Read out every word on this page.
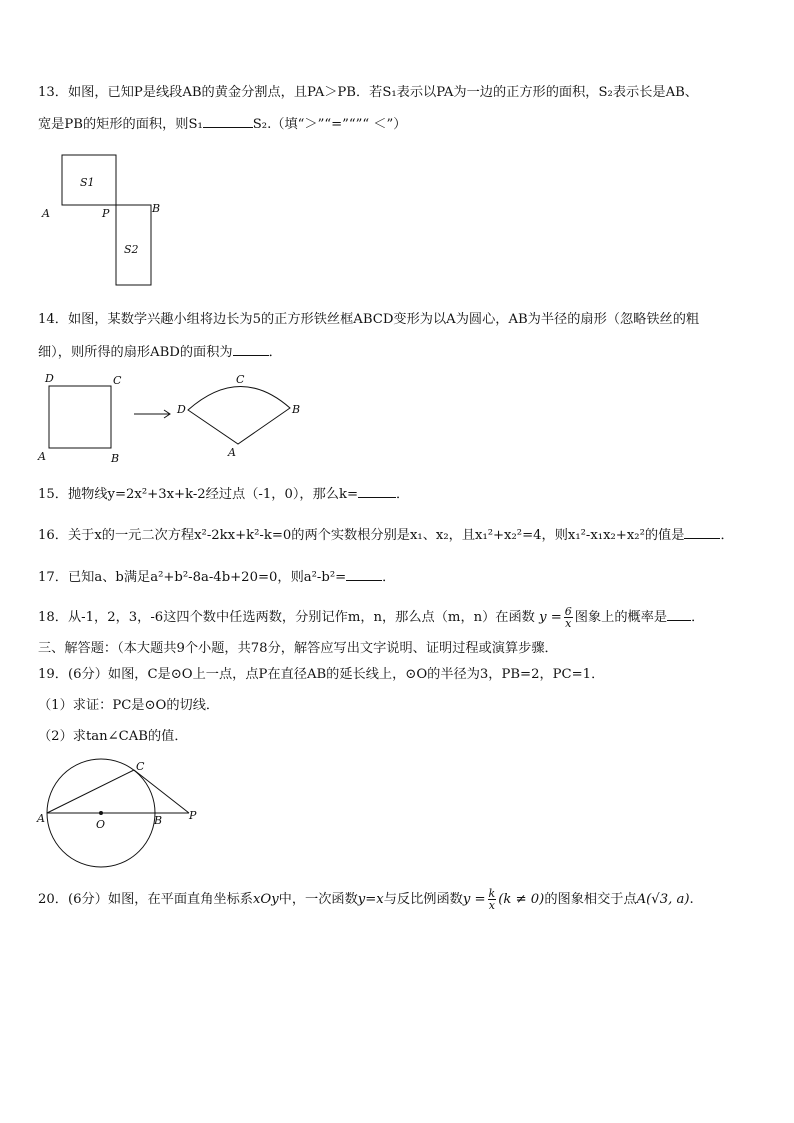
13．如图，已知P是线段AB的黄金分割点，且PA＞PB．若S₁表示以PA为一边的正方形的面积，S₂表示长是AB、
宽是PB的矩形的面积，则S₁	S₂.（填“＞”“=”“”“ ＜”）
S1
A	P	B
S2
14．如图，某数学兴趣小组将边长为5的正方形铁丝框ABCD变形为以A为圆心，AB为半径的扇形（忽略铁丝的粗
细），则所得的扇形ABD的面积为	．
D	C
A	B
C
D	B
A
15．抛物线y=2x²+3x+k-2经过点（-1，0），那么k=	．
16．关于x的一元二次方程x²-2kx+k²-k=0的两个实数根分别是x₁、x₂，且x₁²+x₂²=4，则x₁²-x₁x₂+x₂²的值是	．
17．已知a、b满足a²+b²-8a-4b+20=0，则a²-b²=	．
18．从-1，2，3，-6这四个数中任选两数，分别记作m，n，那么点（m，n）在函数 $y = \frac{6}{x}$ 图象上的概率是 ．
三、解答题：（本大题共9个小题，共78分，解答应写出文字说明、证明过程或演算步骤．
19．(6分）如图，C是⊙O上一点，点P在直径AB的延长线上，⊙O的半径为3，PB=2，PC=1．
（1）求证：PC是⊙O的切线．
（2）求tan∠CAB的值．
C
A	O	B P
20．(6分）如图，在平面直角坐标系xOy中，一次函数y=x与反比例函数$y = \frac{k}{x} (k \ne 0)$的图象相交于点A(√3, a).
